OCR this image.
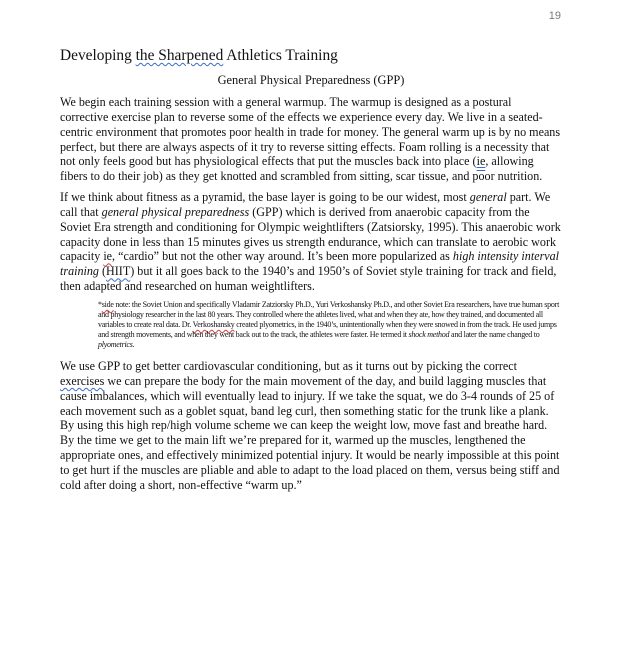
19
Developing the Sharpened Athletics Training
General Physical Preparedness (GPP)

We begin each training session with a general warmup. The warmup is designed as a postural corrective exercise plan to reverse some of the effects we experience every day. We live in a seated-centric environment that promotes poor health in trade for money. The general warm up is by no means perfect, but there are always aspects of it try to reverse sitting effects. Foam rolling is a necessity that not only feels good but has physiological effects that put the muscles back into place (ie, allowing fibers to do their job) as they get knotted and scrambled from sitting, scar tissue, and poor nutrition.

If we think about fitness as a pyramid, the base layer is going to be our widest, most general part. We call that general physical preparedness (GPP) which is derived from anaerobic capacity from the Soviet Era strength and conditioning for Olympic weightlifters (Zatsiorsky, 1995). This anaerobic work capacity done in less than 15 minutes gives us strength endurance, which can translate to aerobic work capacity ie, “cardio” but not the other way around. It’s been more popularized as high intensity interval training (HIIT) but it all goes back to the 1940’s and 1950’s of Soviet style training for track and field, then adapted and researched on human weightlifters.

*side note: the Soviet Union and specifically Vladamir Zatziorsky Ph.D., Yuri Verkoshansky Ph.D., and other Soviet Era researchers, have true human sport and physiology researcher in the last 80 years. They controlled where the athletes lived, what and when they ate, how they trained, and documented all variables to create real data. Dr. Verkoshansky created plyometrics, in the 1940’s, unintentionally when they were snowed in from the track. He used jumps and strength movements, and when they went back out to the track, the athletes were faster. He termed it shock method and later the name changed to plyometrics.

We use GPP to get better cardiovascular conditioning, but as it turns out by picking the correct exercises we can prepare the body for the main movement of the day, and build lagging muscles that cause imbalances, which will eventually lead to injury. If we take the squat, we do 3-4 rounds of 25 of each movement such as a goblet squat, band leg curl, then something static for the trunk like a plank. By using this high rep/high volume scheme we can keep the weight low, move fast and breathe hard. By the time we get to the main lift we’re prepared for it, warmed up the muscles, lengthened the appropriate ones, and effectively minimized potential injury. It would be nearly impossible at this point to get hurt if the muscles are pliable and able to adapt to the load placed on them, versus being stiff and cold after doing a short, non-effective “warm up.”
